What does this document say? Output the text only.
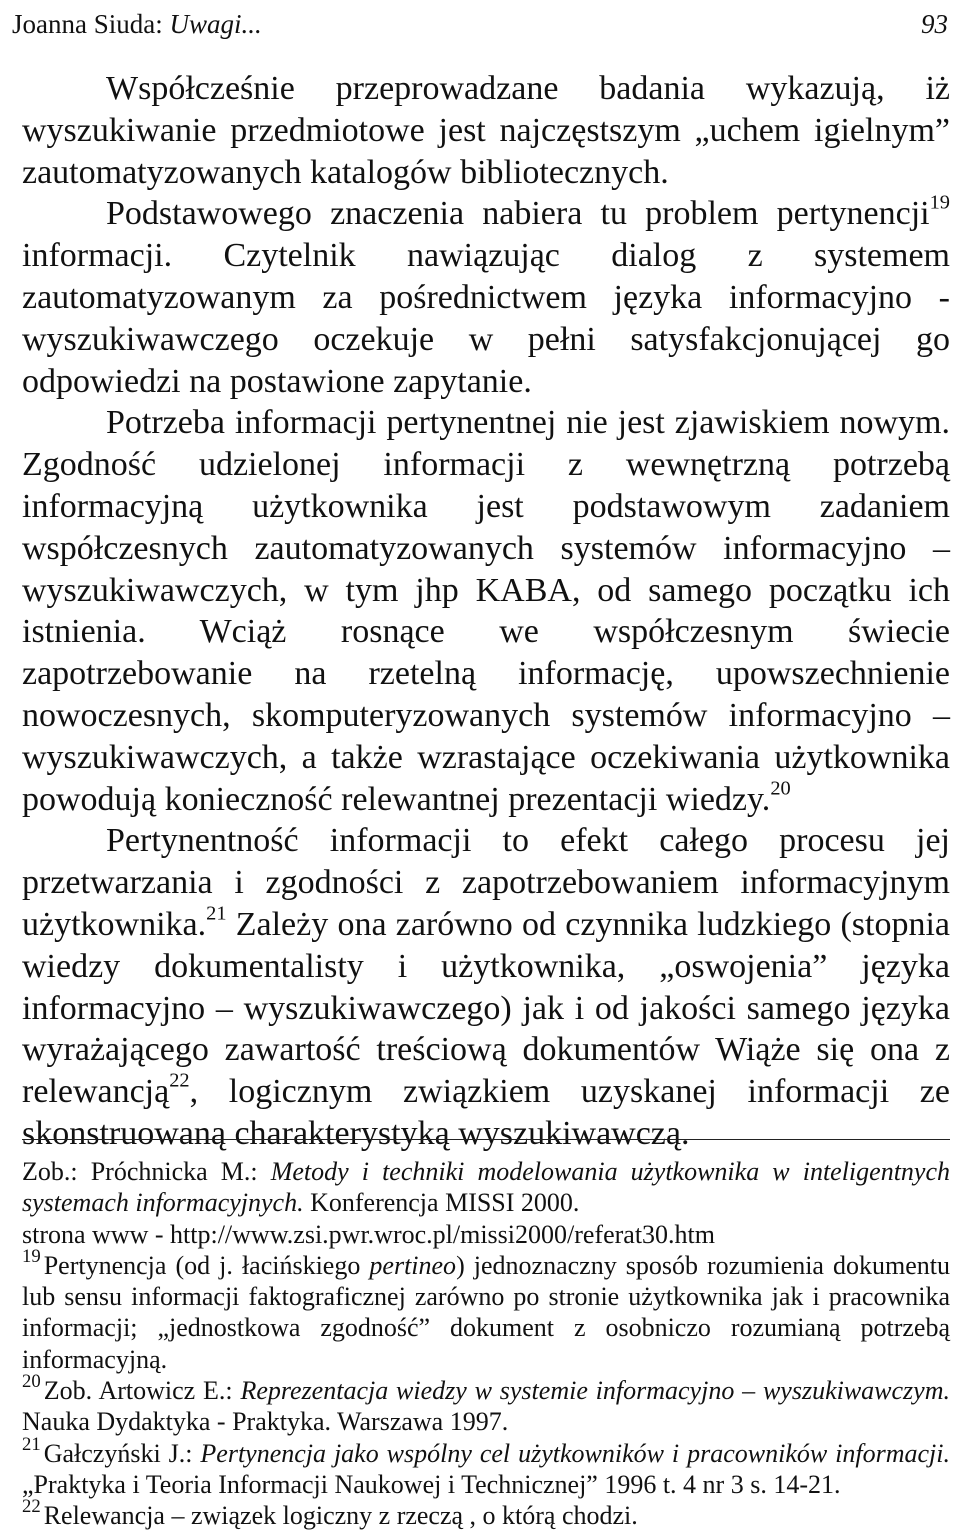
Joanna Siuda: Uwagi...	93

Współcześnie przeprowadzane badania wykazują, iż wyszukiwanie przedmiotowe jest najczęstszym „uchem igielnym” zautomatyzowanych katalogów bibliotecznych.

Podstawowego znaczenia nabiera tu problem pertynencji$^{19}$ informacji. Czytelnik nawiązując dialog z systemem zautomatyzowanym za pośrednictwem języka informacyjno - wyszukiwawczego oczekuje w pełni satysfakcjonującej go odpowiedzi na postawione zapytanie.

Potrzeba informacji pertynentnej nie jest zjawiskiem nowym. Zgodność udzielonej informacji z wewnętrzną potrzebą informacyjną użytkownika jest podstawowym zadaniem współczesnych zautomatyzowanych systemów informacyjno – wyszukiwawczych, w tym jhp KABA, od samego początku ich istnienia. Wciąż rosnące we współczesnym świecie zapotrzebowanie na rzetelną informację, upowszechnienie nowoczesnych, skomputeryzowanych systemów informacyjno – wyszukiwawczych, a także wzrastające oczekiwania użytkownika powodują konieczność relewantnej prezentacji wiedzy.$^{20}$

Pertynentność informacji to efekt całego procesu jej przetwarzania i zgodności z zapotrzebowaniem informacyjnym użytkownika.$^{21}$ Zależy ona zarówno od czynnika ludzkiego (stopnia wiedzy dokumentalisty i użytkownika, „oswojenia” języka informacyjno – wyszukiwawczego) jak i od jakości samego języka wyrażającego zawartość treściową dokumentów Wiąże się ona z relewancją$^{22}$, logicznym związkiem uzyskanej informacji ze skonstruowaną charakterystyką wyszukiwawczą.

Zob.: Próchnicka M.: Metody i techniki modelowania użytkownika w inteligentnych systemach informacyjnych. Konferencja MISSI 2000.

strona www - http://www.zsi.pwr.wroc.pl/missi2000/referat30.htm

$^{19}$ Pertynencja (od j. łacińskiego pertineo) jednoznaczny sposób rozumienia dokumentu lub sensu informacji faktograficznej zarówno po stronie użytkownika jak i pracownika informacji; „jednostkowa zgodność” dokument z osobniczo rozumianą potrzebą informacyjną.

$^{20}$ Zob. Artowicz E.: Reprezentacja wiedzy w systemie informacyjno – wyszukiwawczym. Nauka Dydaktyka - Praktyka. Warszawa 1997.

$^{21}$ Gałczyński J.: Pertynencja jako wspólny cel użytkowników i pracowników informacji. „Praktyka i Teoria Informacji Naukowej i Technicznej” 1996 t. 4 nr 3 s. 14-21.

$^{22}$ Relewancja – związek logiczny z rzeczą , o którą chodzi.
